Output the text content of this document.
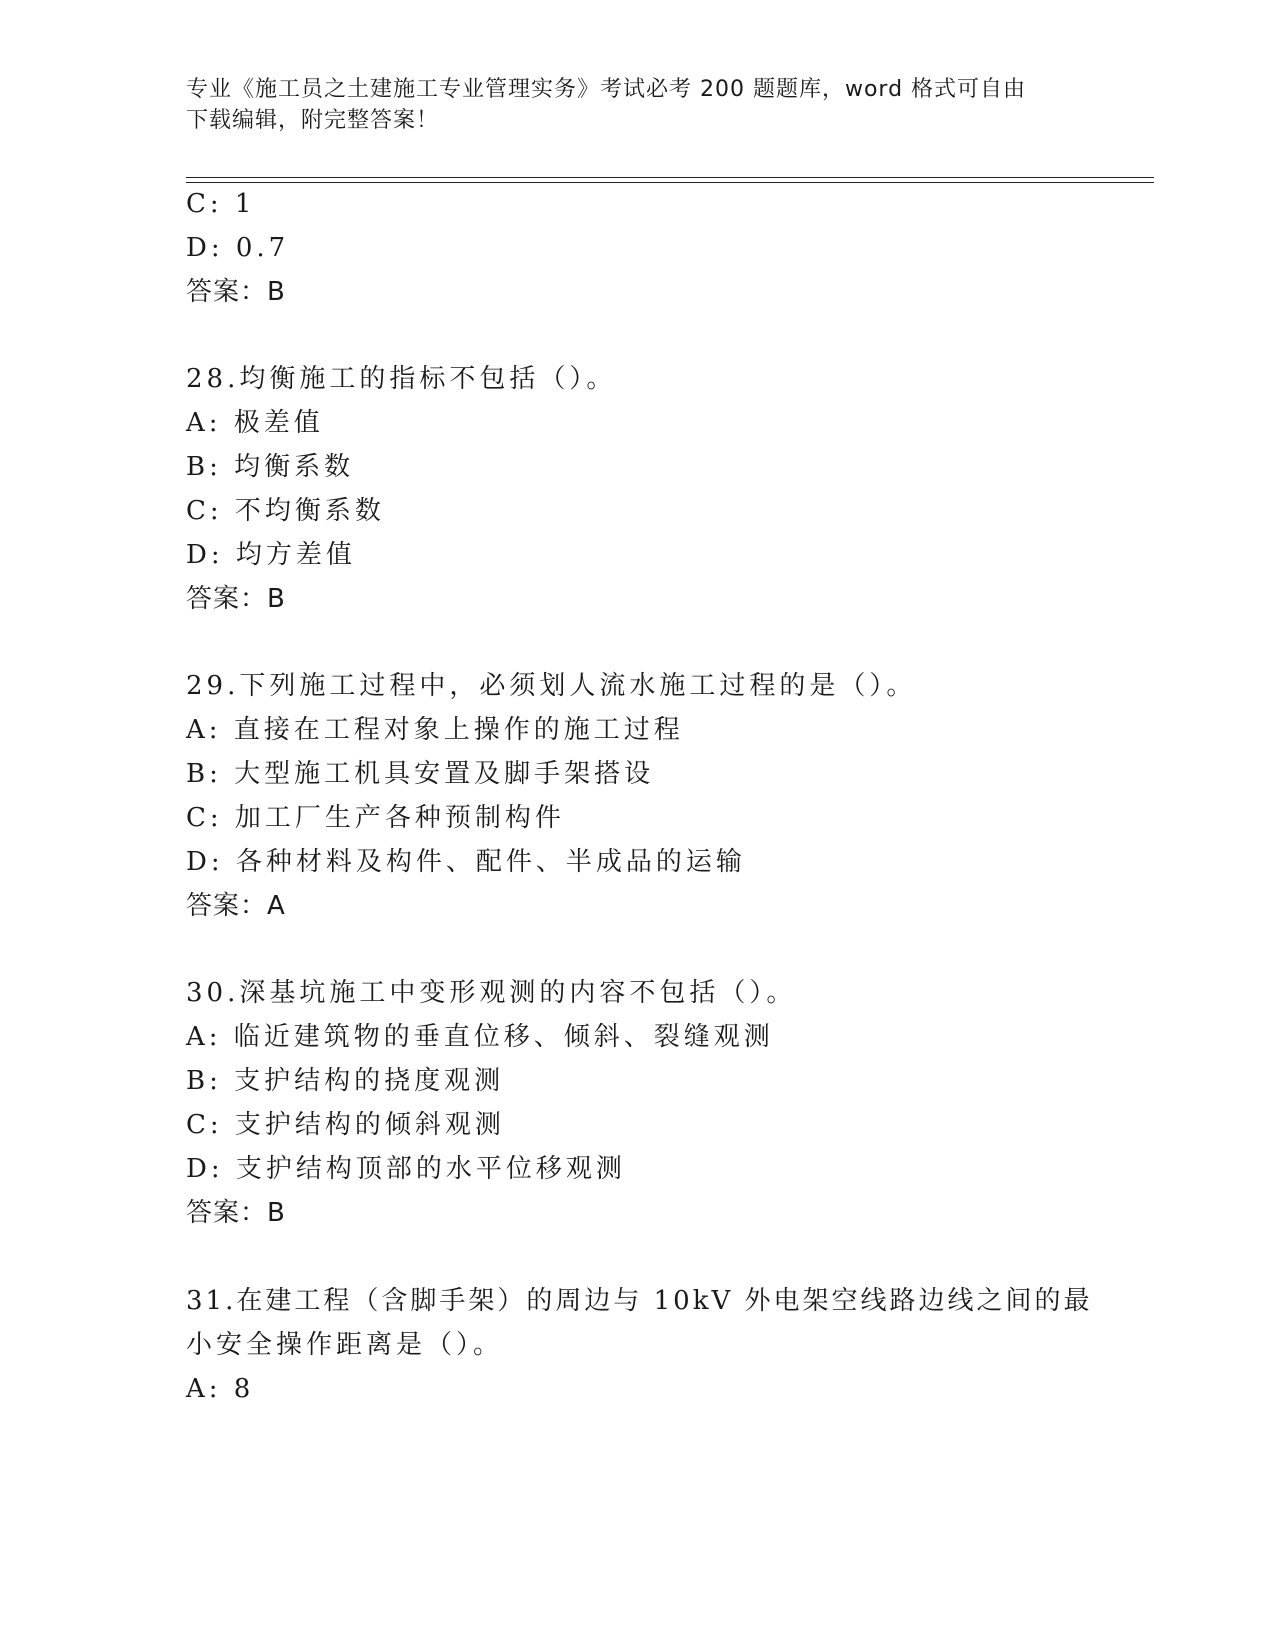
专业《施工员之土建施工专业管理实务》考试必考 200 题题库，word 格式可自由
下载编辑，附完整答案！
C: 1
D: 0.7
答案：B
28.均衡施工的指标不包括（）。
A: 极差值
B: 均衡系数
C: 不均衡系数
D: 均方差值
答案：B
29.下列施工过程中，必须划人流水施工过程的是（）。
A: 直接在工程对象上操作的施工过程
B: 大型施工机具安置及脚手架搭设
C: 加工厂生产各种预制构件
D: 各种材料及构件、配件、半成品的运输
答案：A
30.深基坑施工中变形观测的内容不包括（）。
A: 临近建筑物的垂直位移、倾斜、裂缝观测
B: 支护结构的挠度观测
C: 支护结构的倾斜观测
D: 支护结构顶部的水平位移观测
答案：B
31.在建工程（含脚手架）的周边与 10kV 外电架空线路边线之间的最
小安全操作距离是（）。
A: 8
